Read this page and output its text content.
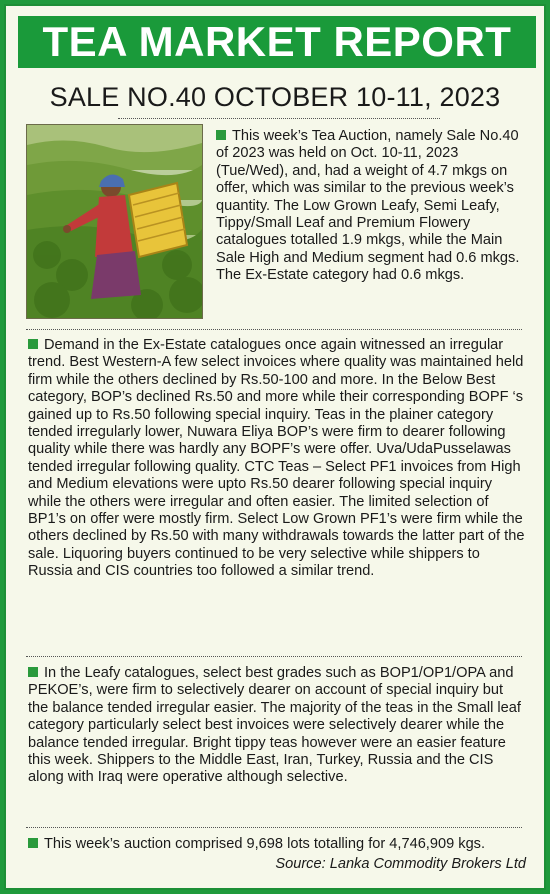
TEA MARKET REPORT
SALE NO.40 OCTOBER 10-11, 2023
This week’s Tea Auction, namely Sale No.40 of 2023 was held on Oct. 10-11, 2023 (Tue/Wed), and, had a weight of 4.7 mkgs on offer, which was similar to the previous week’s quantity. The Low Grown Leafy, Semi Leafy, Tippy/Small Leaf and Premium Flowery catalogues totalled 1.9 mkgs, while the Main Sale High and Medium segment had 0.6 mkgs. The Ex-Estate category had 0.6 mkgs.
Demand in the Ex-Estate catalogues once again witnessed an irregular trend. Best Western-A few select invoices where quality was maintained held firm while the others declined by Rs.50-100 and more. In the Below Best category, BOP’s declined Rs.50 and more while their corresponding BOPF ‘s gained up to Rs.50 following special inquiry. Teas in the plainer category tended irregularly lower, Nuwara Eliya BOP’s were firm to dearer following quality while there was hardly any BOPF’s were offer. Uva/UdaPusselawas tended irregular following quality. CTC Teas – Select PF1 invoices from High and Medium elevations were upto Rs.50 dearer following special inquiry while the others were irregular and often easier. The limited selection of BP1’s on offer were mostly firm. Select Low Grown PF1’s were firm while the others declined by Rs.50 with many withdrawals towards the latter part of the sale. Liquoring buyers continued to be very selective while shippers to Russia and CIS countries too followed a similar trend.
In the Leafy catalogues, select best grades such as BOP1/OP1/OPA and PEKOE’s, were firm to selectively dearer on account of special inquiry but the balance tended irregular easier. The majority of the teas in the Small leaf category particularly select best invoices were selectively dearer while the balance tended irregular. Bright tippy teas however were an easier feature this week. Shippers to the Middle East, Iran, Turkey, Russia and the CIS along with Iraq were operative although selective.
This week’s auction comprised 9,698 lots totalling for 4,746,909 kgs.
Source: Lanka Commodity Brokers Ltd
